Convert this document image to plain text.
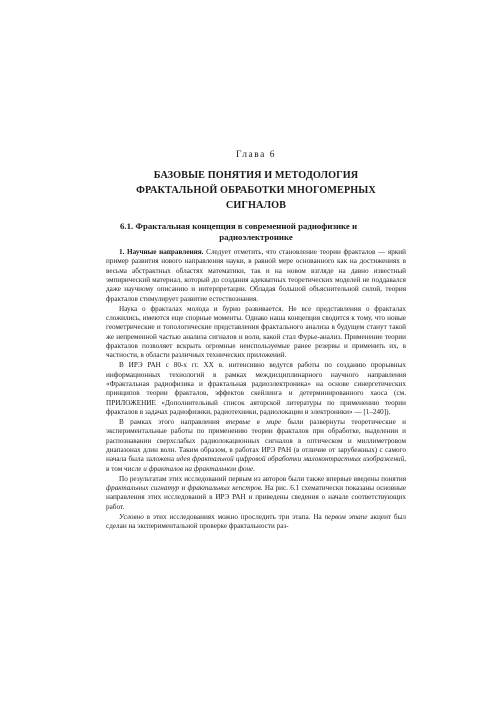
Глава 6
БАЗОВЫЕ ПОНЯТИЯ И МЕТОДОЛОГИЯ
ФРАКТАЛЬНОЙ ОБРАБОТКИ МНОГОМЕРНЫХ СИГНАЛОВ
6.1. Фрактальная концепция в современной радиофизике и
радиоэлектронике

1. Научные направления. Следует отметить, что становление теории фракталов — яркий пример развития нового направления науки, в равной мере основанного как на достижениях в весьма абстрактных областях математики, так и на новом взгляде на давно известный эмпирический материал, который до создания адекватных теоретических моделей не поддавался даже научному описанию и интерпретации. Обладая большой объяснительной силой, теория фракталов стимулирует развитие естествознания.

Наука о фракталах молода и бурно развивается. Не все представления о фракталах сложились, имеются еще спорные моменты. Однако наша концепция сводится к тому, что новые геометрические и топологические представления фрактального анализа в будущем станут такой же непременной частью анализа сигналов и волн, какой стал Фурье-анализ. Применение теории фракталов позволяет вскрыть огромные неиспользуемые ранее резервы и применить их, в частности, в области различных технических приложений.

В ИРЭ РАН с 80-х гг. XX в. интенсивно ведутся работы по созданию прорывных информационных технологий в рамках междисциплинарного научного направления «Фрактальная радиофизика и фрактальная радиоэлектроника» на основе синергетических принципов теории фракталов, эффектов скейлинга и детерминированного хаоса (см. ПРИЛОЖЕНИЕ «Дополнительный список авторской литературы по применению теории фракталов в задачах радиофизики, радиотехники, радиолокации и электроники» — [1–240]).

В рамках этого направления впервые в мире были развернуты теоретические и экспериментальные работы по применению теории фракталов при обработке, выделении и распознавании сверхслабых радиолокационных сигналов в оптическом и миллиметровом диапазонах длин волн. Таким образом, в работах ИРЭ РАН (в отличие от зарубежных) с самого начала была заложена идея фрактальной цифровой обработки малоконтрастных изображений, в том числе и фракталов на фрактальном фоне.

По результатам этих исследований первым из авторов были также впервые введены понятия фрактальных сигнатур и фрактальных кепстров. На рис. 6.1 схематически показаны основные направления этих исследований в ИРЭ РАН и приведены сведения о начале соответствующих работ.

Условно в этих исследованиях можно проследить три этапа. На первом этапе акцент был сделан на экспериментальной проверке фрактальности раз-
